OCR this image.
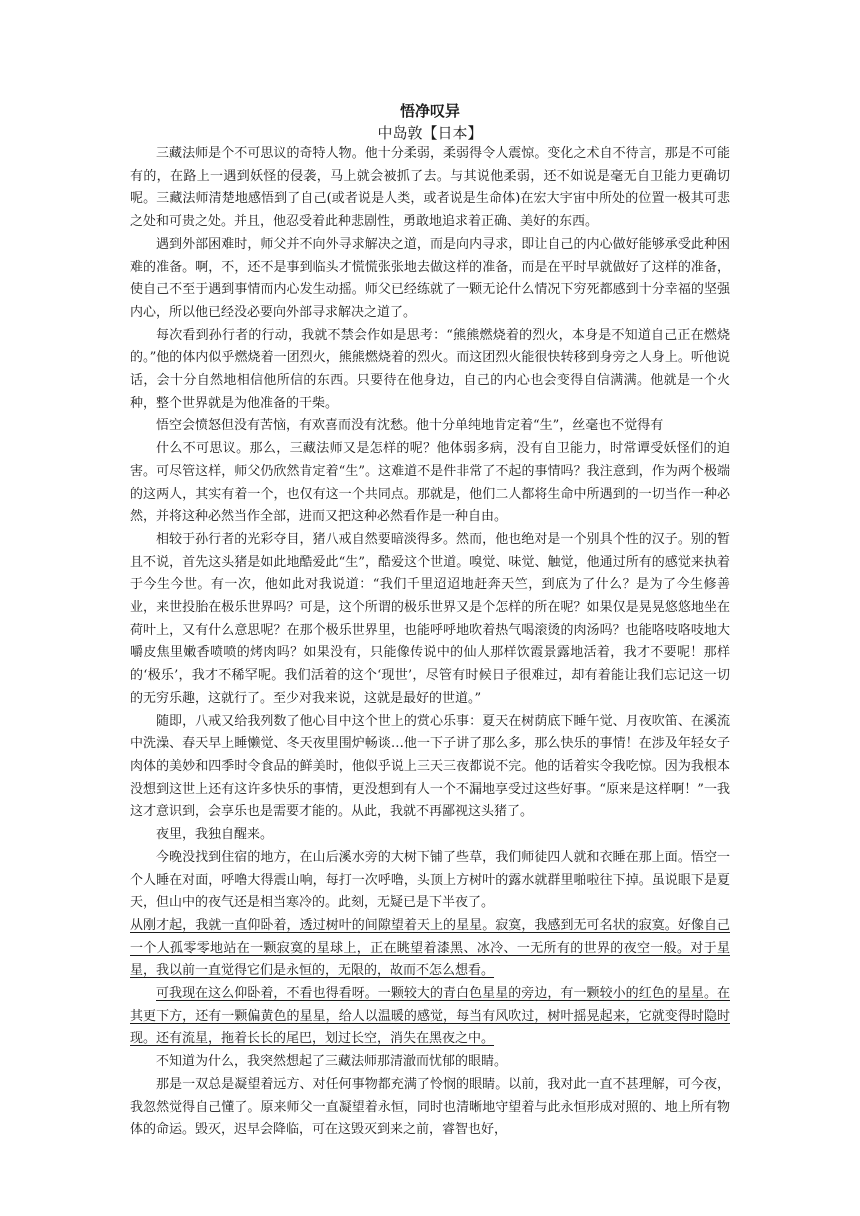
悟净叹异
中岛敦【日本】

三藏法师是个不可思议的奇特人物。他十分柔弱，柔弱得令人震惊。变化之术自不待言，那是不可能有的，在路上一遇到妖怪的侵袭，马上就会被抓了去。与其说他柔弱，还不如说是毫无自卫能力更确切呢。三藏法师清楚地感悟到了自己(或者说是人类，或者说是生命体)在宏大宇宙中所处的位置一极其可悲之处和可贵之处。并且，他忍受着此种悲剧性，勇敢地追求着正确、美好的东西。

遇到外部困难时，师父并不向外寻求解决之道，而是向内寻求，即让自己的内心做好能够承受此种困难的准备。啊，不，还不是事到临头才慌慌张张地去做这样的准备，而是在平时早就做好了这样的准备，使自己不至于遇到事情而内心发生动摇。师父已经练就了一颗无论什么情况下穷死都感到十分幸福的坚强内心，所以他已经没必要向外部寻求解决之道了。

每次看到孙行者的行动，我就不禁会作如是思考：“熊熊燃烧着的烈火，本身是不知道自己正在燃烧的。”他的体内似乎燃烧着一团烈火，熊熊燃烧着的烈火。而这团烈火能很快转移到身旁之人身上。听他说话，会十分自然地相信他所信的东西。只要待在他身边，自己的内心也会变得自信满满。他就是一个火种，整个世界就是为他准备的干柴。

悟空会愤怒但没有苦恼，有欢喜而没有沈愁。他十分单纯地肯定着“生”，丝毫也不觉得有

什么不可思议。那么，三藏法师又是怎样的呢？他体弱多病，没有自卫能力，时常谭受妖怪们的迫害。可尽管这样，师父仍欣然肯定着“生”。这难道不是件非常了不起的事情吗？我注意到，作为两个极端的这两人，其实有着一个，也仅有这一个共同点。那就是，他们二人都将生命中所遇到的一切当作一种必然，并将这种必然当作全部，进而又把这种必然看作是一种自由。

相较于孙行者的光彩夺目，猪八戒自然要暗淡得多。然而，他也绝对是一个别具个性的汉子。别的暂且不说，首先这头猪是如此地酷爱此“生”，酷爱这个世道。嗅觉、味觉、触觉，他通过所有的感觉来执着于今生今世。有一次，他如此对我说道：“我们千里迢迢地赶奔天竺，到底为了什么？是为了今生修善业，来世投胎在极乐世界吗？可是，这个所谓的极乐世界又是个怎样的所在呢？如果仅是晃晃悠悠地坐在荷叶上，又有什么意思呢？在那个极乐世界里，也能呼呼地吹着热气喝滚烫的肉汤吗？也能咯吱咯吱地大嚼皮焦里嫩香喷喷的烤肉吗？如果没有，只能像传说中的仙人那样饮霞景露地活着，我才不要呢！那样的‘极乐’，我才不稀罕呢。我们活着的这个‘现世’，尽管有时候日子很难过，却有着能让我们忘记这一切的无穷乐趣，这就行了。至少对我来说，这就是最好的世道。”

随即，八戒又给我列数了他心目中这个世上的赏心乐事：夏天在树荫底下睡午觉、月夜吹笛、在溪流中洗澡、春天早上睡懒觉、冬天夜里围炉畅谈…他一下子讲了那么多，那么快乐的事情！在涉及年轻女子肉体的美妙和四季时令食品的鲜美时，他似乎说上三天三夜都说不完。他的话着实令我吃惊。因为我根本没想到这世上还有这许多快乐的事情，更没想到有人一个不漏地享受过这些好事。“原来是这样啊！”一我这才意识到，会享乐也是需要才能的。从此，我就不再鄙视这头猪了。

夜里，我独自醒来。

今晚没找到住宿的地方，在山后溪水旁的大树下铺了些草，我们师徒四人就和衣睡在那上面。悟空一个人睡在对面，呼噜大得震山响，每打一次呼噜，头顶上方树叶的露水就群里啪啦往下掉。虽说眼下是夏天，但山中的夜气还是相当寒冷的。此刻，无疑已是下半夜了。

从刚才起，我就一直仰卧着，透过树叶的间隙望着天上的星星。寂寞，我感到无可名状的寂寞。好像自己一个人孤零零地站在一颗寂寞的星球上，正在眺望着漆黑、冰冷、一无所有的世界的夜空一般。对于星星，我以前一直觉得它们是永恒的，无限的，故而不怎么想看。

可我现在这么仰卧着，不看也得看呀。一颗较大的青白色星星的旁边，有一颗较小的红色的星星。在其更下方，还有一颗偏黄色的星星，给人以温暖的感觉，每当有风吹过，树叶摇晃起来，它就变得时隐时现。还有流星，拖着长长的尾巴，划过长空，消失在黑夜之中。

不知道为什么，我突然想起了三藏法师那清澈而忧郁的眼睛。

那是一双总是凝望着远方、对任何事物都充满了怜悯的眼睛。以前，我对此一直不甚理解，可今夜，我忽然觉得自己懂了。原来师父一直凝望着永恒，同时也清晰地守望着与此永恒形成对照的、地上所有物体的命运。毁灭，迟早会降临，可在这毁灭到来之前，睿智也好，
